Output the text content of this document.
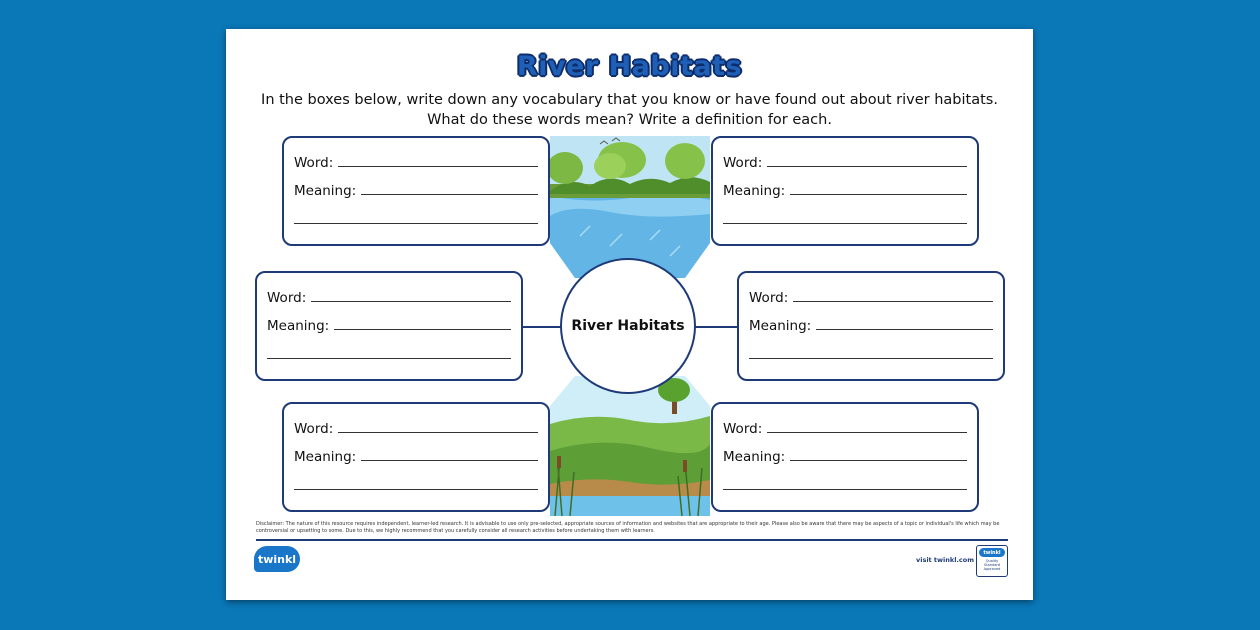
River Habitats
In the boxes below, write down any vocabulary that you know or have found out about river habitats.
What do these words mean? Write a definition for each.
Word:
Meaning:
Word:
Meaning:
Word:
Meaning:
Word:
Meaning:
Word:
Meaning:
Word:
Meaning:
River Habitats
Disclaimer: The nature of this resource requires independent, learner-led research. It is advisable to use only pre-selected, appropriate sources of information and websites that are appropriate to their age. Please also be aware that there may be aspects of a topic or individual's life which may be controversial or upsetting to some. Due to this, we highly recommend that you carefully consider all research activities before undertaking them with learners.
twinkl	visit twinkl.com
twinkl
Quality Standard Approved
